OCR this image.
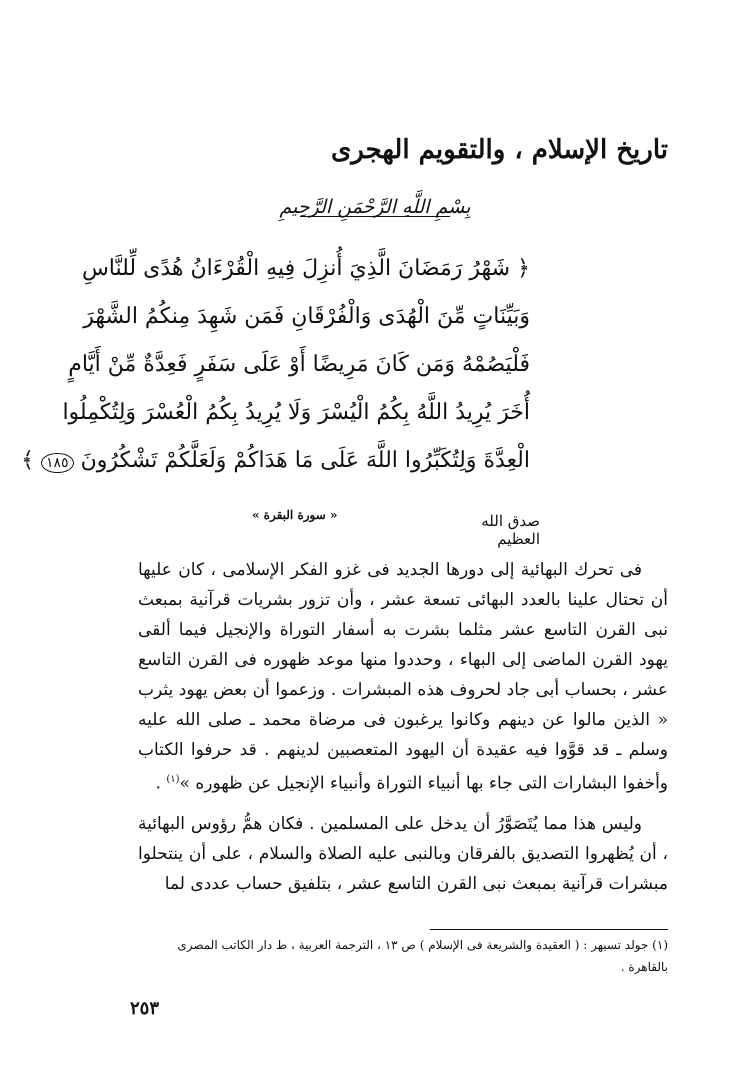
تاريخ الإسلام ، والتقويم الهجرى
بِسْمِ اللَّهِ الرَّحْمَنِ الرَّحِيمِ
﴿ شَهْرُ رَمَضَانَ الَّذِيَ أُنزِلَ فِيهِ الْقُرْءَانُ هُدًى لِّلنَّاسِ
وَبَيِّنَاتٍ مِّنَ الْهُدَى وَالْفُرْقَانِ فَمَن شَهِدَ مِنكُمُ الشَّهْرَ
فَلْيَصُمْهُ وَمَن كَانَ مَرِيضًا أَوْ عَلَى سَفَرٍ فَعِدَّةٌ مِّنْ أَيَّامٍ
أُخَرَ يُرِيدُ اللَّهُ بِكُمُ الْيُسْرَ وَلَا يُرِيدُ بِكُمُ الْعُسْرَ وَلِتُكْمِلُوا
الْعِدَّةَ وَلِتُكَبِّرُوا اللَّهَ عَلَى مَا هَدَاكُمْ وَلَعَلَّكُمْ تَشْكُرُونَ ١٨٥ ﴾
« سورة البقرة »	صدق الله العظيم

فى تحرك البهائية إلى دورها الجديد فى غزو الفكر الإسلامى ، كان عليها أن تحتال علينا بالعدد البهائى تسعة عشر ، وأن تزور بشريات قرآنية بمبعث نبى القرن التاسع عشر مثلما بشرت به أسفار التوراة والإنجيل فيما ألقى يهود القرن الماضى إلى البهاء ، وحددوا منها موعد ظهوره فى القرن التاسع عشر ، بحساب أبى جاد لحروف هذه المبشرات . وزعموا أن بعض يهود يثرب « الذين مالوا عن دينهم وكانوا يرغبون فى مرضاة محمد ـ صلى الله عليه وسلم ـ قد قوَّوا فيه عقيدة أن اليهود المتعصبين لدينهم . قد حرفوا الكتاب وأخفوا البشارات التى جاء بها أنبياء التوراة وأنبياء الإنجيل عن ظهوره »$^{(١)}$ .

وليس هذا مما يُتَصَوَّرُ أن يدخل على المسلمين . فكان همُّ رؤوس البهائية ، أن يُظهروا التصديق بالفرقان وبالنبى عليه الصلاة والسلام ، على أن ينتحلوا مبشرات قرآنية بمبعث نبى القرن التاسع عشر ، بتلفيق حساب عددى لما

(١) جولد تسيهر : ( العقيدة والشريعة فى الإسلام ) ص ١٣ ، الترجمة العربية ، ط دار الكاتب المصرى بالقاهرة .
٢٥٣
